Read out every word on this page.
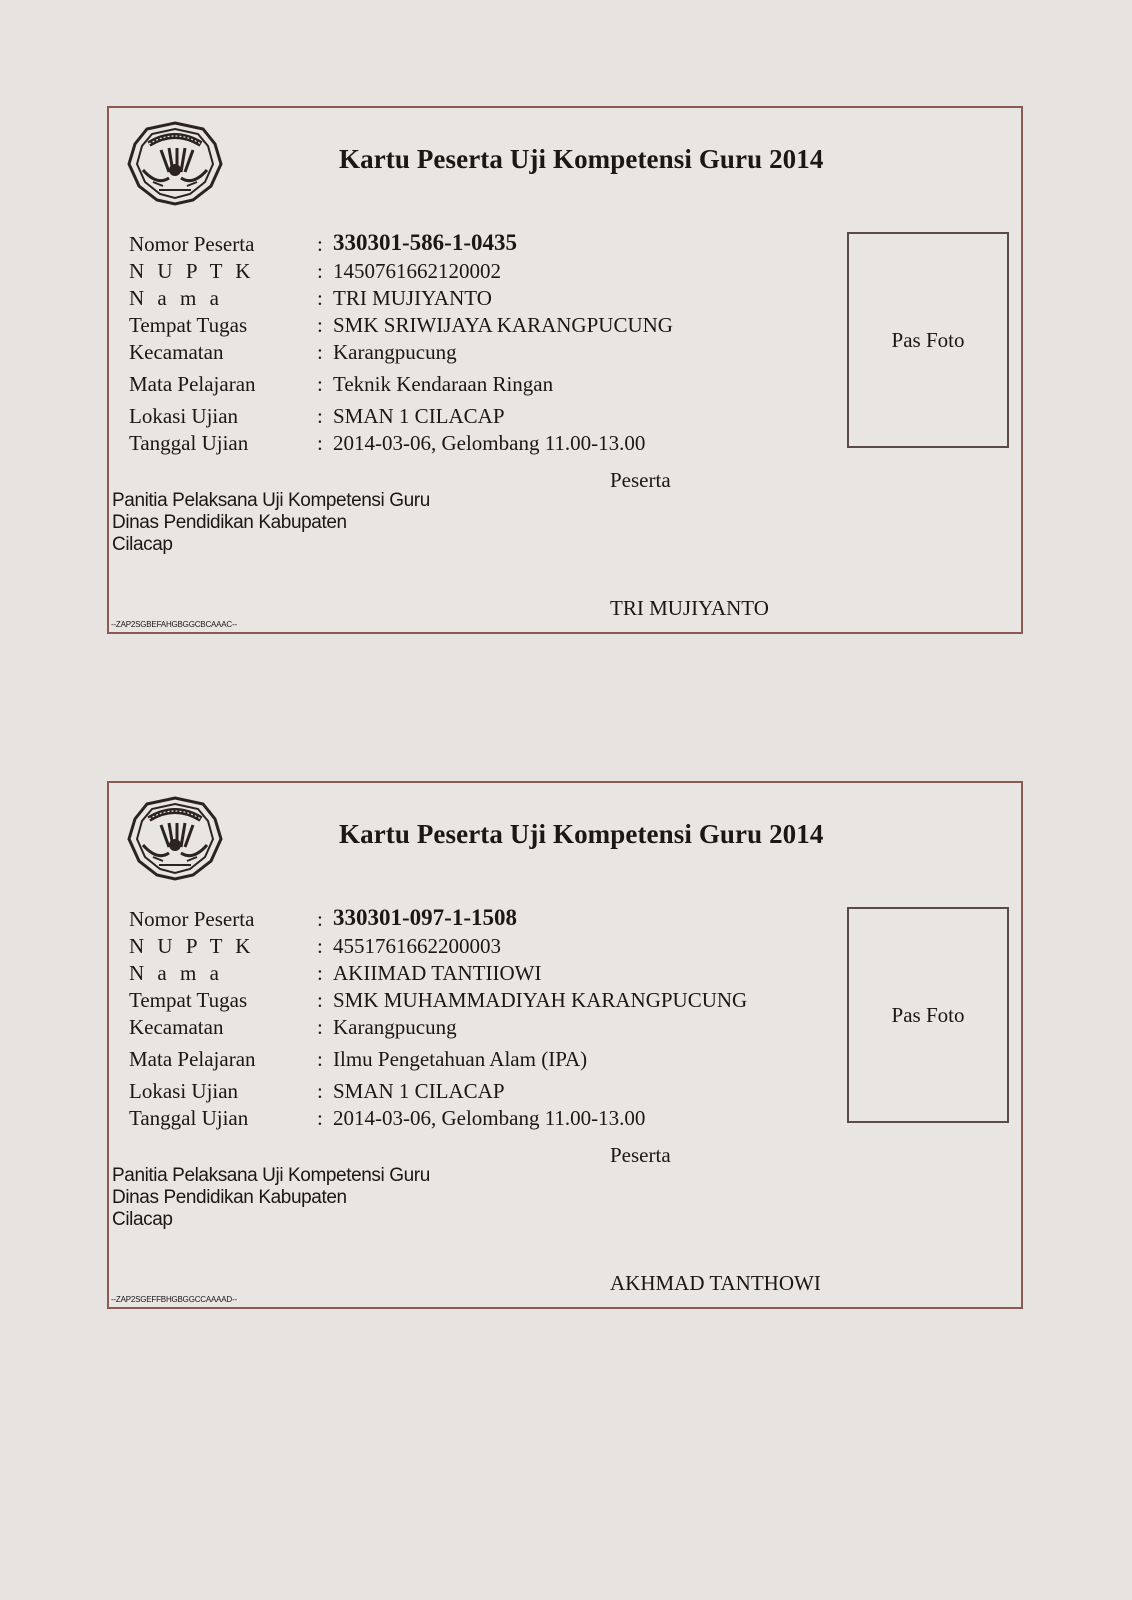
Kartu Peserta Uji Kompetensi Guru 2014
Nomor Peserta	: 330301-586-1-0435
N U P T K	: 1450761662120002
N a m a	: TRI MUJIYANTO
Tempat Tugas	: SMK SRIWIJAYA KARANGPUCUNG
Kecamatan	: Karangpucung
Mata Pelajaran	: Teknik Kendaraan Ringan
Lokasi Ujian	: SMAN 1 CILACAP
Tanggal Ujian	: 2014-03-06, Gelombang 11.00-13.00
Pas Foto
Peserta
Panitia Pelaksana Uji Kompetensi Guru
Dinas Pendidikan Kabupaten
Cilacap
TRI MUJIYANTO
--ZAP2SGBEFAHGBGGCBCAAAC--
Kartu Peserta Uji Kompetensi Guru 2014
Nomor Peserta	: 330301-097-1-1508
N U P T K	: 4551761662200003
N a m a	: AKIIMAD TANTIIOWI
Tempat Tugas	: SMK MUHAMMADIYAH KARANGPUCUNG
Kecamatan	: Karangpucung
Mata Pelajaran	: Ilmu Pengetahuan Alam (IPA)
Lokasi Ujian	: SMAN 1 CILACAP
Tanggal Ujian	: 2014-03-06, Gelombang 11.00-13.00
Pas Foto
Peserta
Panitia Pelaksana Uji Kompetensi Guru
Dinas Pendidikan Kabupaten
Cilacap
AKHMAD TANTHOWI
--ZAP2SGEFFBHGBGGCCAAAAD--
